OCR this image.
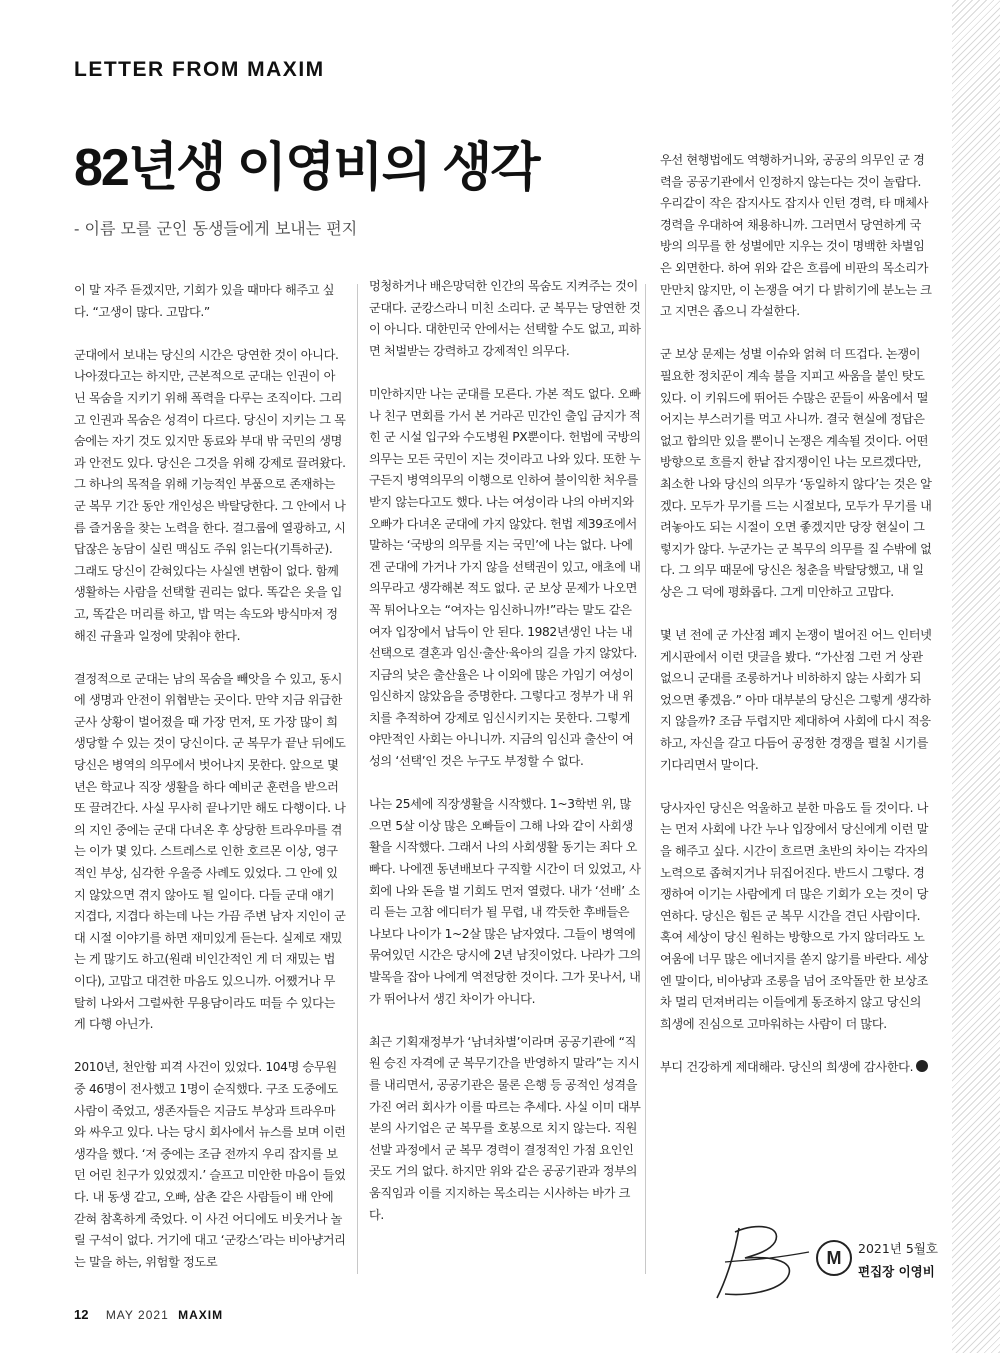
LETTER FROM MAXIM
82년생 이영비의 생각
- 이름 모를 군인 동생들에게 보내는 편지

이 말 자주 듣겠지만, 기회가 있을 때마다 해주고 싶다. “고생이 많다. 고맙다.”

군대에서 보내는 당신의 시간은 당연한 것이 아니다. 나아졌다고는 하지만, 근본적으로 군대는 인권이 아닌 목숨을 지키기 위해 폭력을 다루는 조직이다. 그리고 인권과 목숨은 성격이 다르다. 당신이 지키는 그 목숨에는 자기 것도 있지만 동료와 부대 밖 국민의 생명과 안전도 있다. 당신은 그것을 위해 강제로 끌려왔다. 그 하나의 목적을 위해 기능적인 부품으로 존재하는 군 복무 기간 동안 개인성은 박탈당한다. 그 안에서 나름 즐거움을 찾는 노력을 한다. 걸그룹에 열광하고, 시답잖은 농담이 실린 맥심도 주워 읽는다(기특하군). 그래도 당신이 갇혀있다는 사실엔 변함이 없다. 함께 생활하는 사람을 선택할 권리는 없다. 똑같은 옷을 입고, 똑같은 머리를 하고, 밥 먹는 속도와 방식마저 정해진 규율과 일정에 맞춰야 한다.

결정적으로 군대는 남의 목숨을 빼앗을 수 있고, 동시에 생명과 안전이 위협받는 곳이다. 만약 지금 위급한 군사 상황이 벌어졌을 때 가장 먼저, 또 가장 많이 희생당할 수 있는 것이 당신이다. 군 복무가 끝난 뒤에도 당신은 병역의 의무에서 벗어나지 못한다. 앞으로 몇 년은 학교나 직장 생활을 하다 예비군 훈련을 받으러 또 끌려간다. 사실 무사히 끝나기만 해도 다행이다. 나의 지인 중에는 군대 다녀온 후 상당한 트라우마를 겪는 이가 몇 있다. 스트레스로 인한 호르몬 이상, 영구적인 부상, 심각한 우울증 사례도 있었다. 그 안에 있지 않았으면 겪지 않아도 될 일이다. 다들 군대 얘기 지겹다, 지겹다 하는데 나는 가끔 주변 남자 지인이 군대 시절 이야기를 하면 재미있게 듣는다. 실제로 재밌는 게 많기도 하고(원래 비인간적인 게 더 재밌는 법이다), 고맙고 대견한 마음도 있으니까. 어쨌거나 무탈히 나와서 그럴싸한 무용담이라도 떠들 수 있다는 게 다행 아닌가.

2010년, 천안함 피격 사건이 있었다. 104명 승무원 중 46명이 전사했고 1명이 순직했다. 구조 도중에도 사람이 죽었고, 생존자들은 지금도 부상과 트라우마와 싸우고 있다. 나는 당시 회사에서 뉴스를 보며 이런 생각을 했다. ‘저 중에는 조금 전까지 우리 잡지를 보던 어린 친구가 있었겠지.’ 슬프고 미안한 마음이 들었다. 내 동생 같고, 오빠, 삼촌 같은 사람들이 배 안에 갇혀 참혹하게 죽었다. 이 사건 어디에도 비웃거나 놀릴 구석이 없다. 거기에 대고 ‘군캉스’라는 비아냥거리는 말을 하는, 위험할 정도로

멍청하거나 배은망덕한 인간의 목숨도 지켜주는 것이 군대다. 군캉스라니 미친 소리다. 군 복무는 당연한 것이 아니다. 대한민국 안에서는 선택할 수도 없고, 피하면 처벌받는 강력하고 강제적인 의무다.

미안하지만 나는 군대를 모른다. 가본 적도 없다. 오빠나 친구 면회를 가서 본 거라곤 민간인 출입 금지가 적힌 군 시설 입구와 수도병원 PX뿐이다. 헌법에 국방의 의무는 모든 국민이 지는 것이라고 나와 있다. 또한 누구든지 병역의무의 이행으로 인하여 불이익한 처우를 받지 않는다고도 했다. 나는 여성이라 나의 아버지와 오빠가 다녀온 군대에 가지 않았다. 헌법 제39조에서 말하는 ‘국방의 의무를 지는 국민’에 나는 없다. 나에겐 군대에 가거나 가지 않을 선택권이 있고, 애초에 내 의무라고 생각해본 적도 없다. 군 보상 문제가 나오면 꼭 튀어나오는 “여자는 임신하니까!”라는 말도 같은 여자 입장에서 납득이 안 된다. 1982년생인 나는 내 선택으로 결혼과 임신·출산·육아의 길을 가지 않았다. 지금의 낮은 출산율은 나 이외에 많은 가임기 여성이 임신하지 않았음을 증명한다. 그렇다고 정부가 내 위치를 추적하여 강제로 임신시키지는 못한다. 그렇게 야만적인 사회는 아니니까. 지금의 임신과 출산이 여성의 ‘선택’인 것은 누구도 부정할 수 없다.

나는 25세에 직장생활을 시작했다. 1~3학번 위, 많으면 5살 이상 많은 오빠들이 그해 나와 같이 사회생활을 시작했다. 그래서 나의 사회생활 동기는 죄다 오빠다. 나에겐 동년배보다 구직할 시간이 더 있었고, 사회에 나와 돈을 벌 기회도 먼저 열렸다. 내가 ‘선배’ 소리 듣는 고참 에디터가 될 무렵, 내 깍듯한 후배들은 나보다 나이가 1~2살 많은 남자였다. 그들이 병역에 묶여있던 시간은 당시에 2년 남짓이었다. 나라가 그의 발목을 잡아 나에게 역전당한 것이다. 그가 못나서, 내가 뛰어나서 생긴 차이가 아니다.

최근 기획재정부가 ‘남녀차별’이라며 공공기관에 “직원 승진 자격에 군 복무기간을 반영하지 말라”는 지시를 내리면서, 공공기관은 물론 은행 등 공적인 성격을 가진 여러 회사가 이를 따르는 추세다. 사실 이미 대부분의 사기업은 군 복무를 호봉으로 치지 않는다. 직원 선발 과정에서 군 복무 경력이 결정적인 가점 요인인 곳도 거의 없다. 하지만 위와 같은 공공기관과 정부의 움직임과 이를 지지하는 목소리는 시사하는 바가 크다.

우선 현행법에도 역행하거니와, 공공의 의무인 군 경력을 공공기관에서 인정하지 않는다는 것이 놀랍다. 우리같이 작은 잡지사도 잡지사 인턴 경력, 타 매체사 경력을 우대하여 채용하니까. 그러면서 당연하게 국방의 의무를 한 성별에만 지우는 것이 명백한 차별임은 외면한다. 하여 위와 같은 흐름에 비판의 목소리가 만만치 않지만, 이 논쟁을 여기 다 밝히기에 분노는 크고 지면은 좁으니 각설한다.

군 보상 문제는 성별 이슈와 얽혀 더 뜨겁다. 논쟁이 필요한 정치꾼이 계속 불을 지피고 싸움을 붙인 탓도 있다. 이 키워드에 뛰어든 수많은 꾼들이 싸움에서 떨어지는 부스러기를 먹고 사니까. 결국 현실에 정답은 없고 합의만 있을 뿐이니 논쟁은 계속될 것이다. 어떤 방향으로 흐를지 한낱 잡지쟁이인 나는 모르겠다만, 최소한 나와 당신의 의무가 ‘동일하지 않다’는 것은 알겠다. 모두가 무기를 드는 시절보다, 모두가 무기를 내려놓아도 되는 시절이 오면 좋겠지만 당장 현실이 그렇지가 않다. 누군가는 군 복무의 의무를 질 수밖에 없다. 그 의무 때문에 당신은 청춘을 박탈당했고, 내 일상은 그 덕에 평화롭다. 그게 미안하고 고맙다.

몇 년 전에 군 가산점 폐지 논쟁이 벌어진 어느 인터넷 게시판에서 이런 댓글을 봤다. “가산점 그런 거 상관없으니 군대를 조롱하거나 비하하지 않는 사회가 되었으면 좋겠음.” 아마 대부분의 당신은 그렇게 생각하지 않을까? 조금 두렵지만 제대하여 사회에 다시 적응하고, 자신을 갈고 다듬어 공정한 경쟁을 펼칠 시기를 기다리면서 말이다.

당사자인 당신은 억울하고 분한 마음도 들 것이다. 나는 먼저 사회에 나간 누나 입장에서 당신에게 이런 말을 해주고 싶다. 시간이 흐르면 초반의 차이는 각자의 노력으로 좁혀지거나 뒤집어진다. 반드시 그렇다. 경쟁하여 이기는 사람에게 더 많은 기회가 오는 것이 당연하다. 당신은 힘든 군 복무 시간을 견딘 사람이다. 혹여 세상이 당신 원하는 방향으로 가지 않더라도 노여움에 너무 많은 에너지를 쏟지 않기를 바란다. 세상엔 말이다, 비아냥과 조롱을 넘어 조악돌만 한 보상조차 멀리 던져버리는 이들에게 동조하지 않고 당신의 희생에 진심으로 고마워하는 사람이 더 많다.

부디 건강하게 제대해라. 당신의 희생에 감사한다.

M	2021년 5월호
편집장 이영비
12 MAY 2021 MAXIM
